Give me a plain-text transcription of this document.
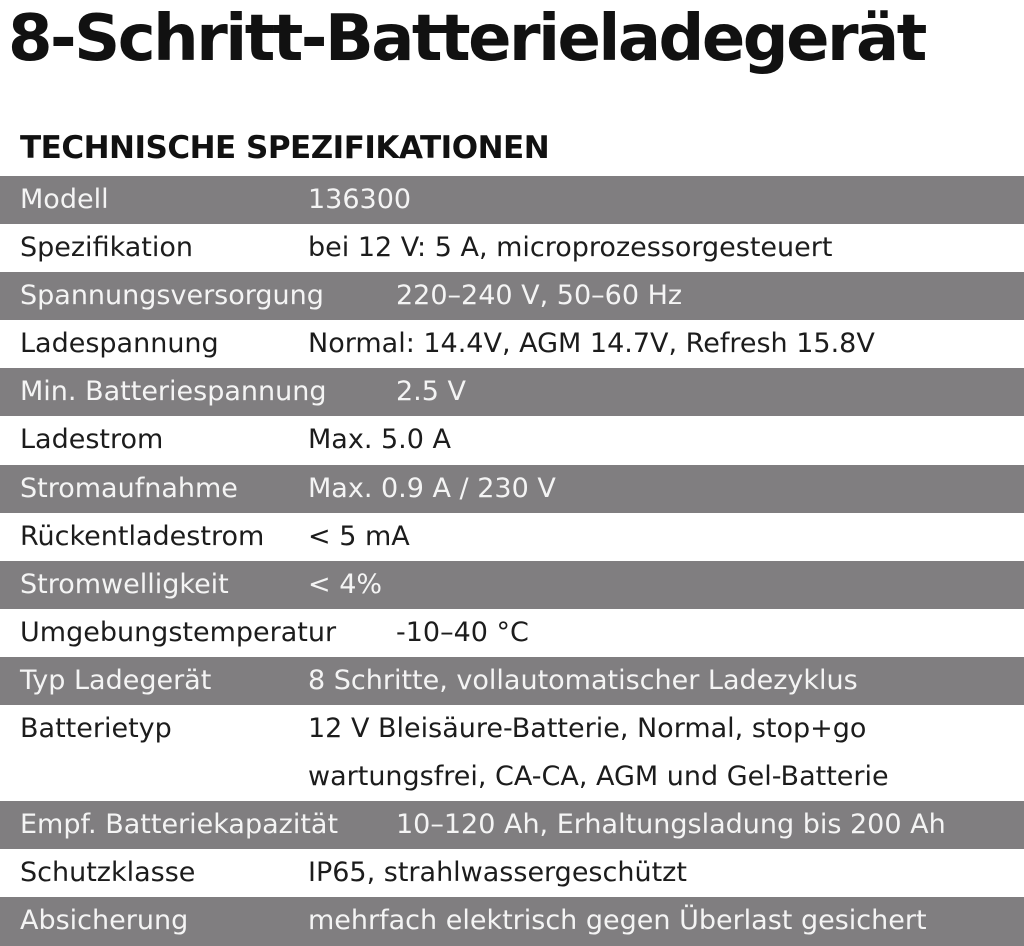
8-Schritt-Batterieladegerät
TECHNISCHE SPEZIFIKATIONEN
Modell	136300
Spezifikation	bei 12 V: 5 A, microprozessorgesteuert
Spannungsversorgung	220–240 V, 50–60 Hz
Ladespannung	Normal: 14.4V, AGM 14.7V, Refresh 15.8V
Min. Batteriespannung	2.5 V
Ladestrom	Max. 5.0 A
Stromaufnahme	Max. 0.9 A / 230 V
Rückentladestrom < 5 mA
Stromwelligkeit	< 4%
Umgebungstemperatur -10–40 °C
Typ Ladegerät	8 Schritte, vollautomatischer Ladezyklus
Batterietyp	12 V Bleisäure-Batterie, Normal, stop+go
wartungsfrei, CA-CA, AGM und Gel-Batterie
Empf. Batteriekapazität 10–120 Ah, Erhaltungsladung bis 200 Ah
Schutzklasse	IP65, strahlwassergeschützt
Absicherung	mehrfach elektrisch gegen Überlast gesichert
